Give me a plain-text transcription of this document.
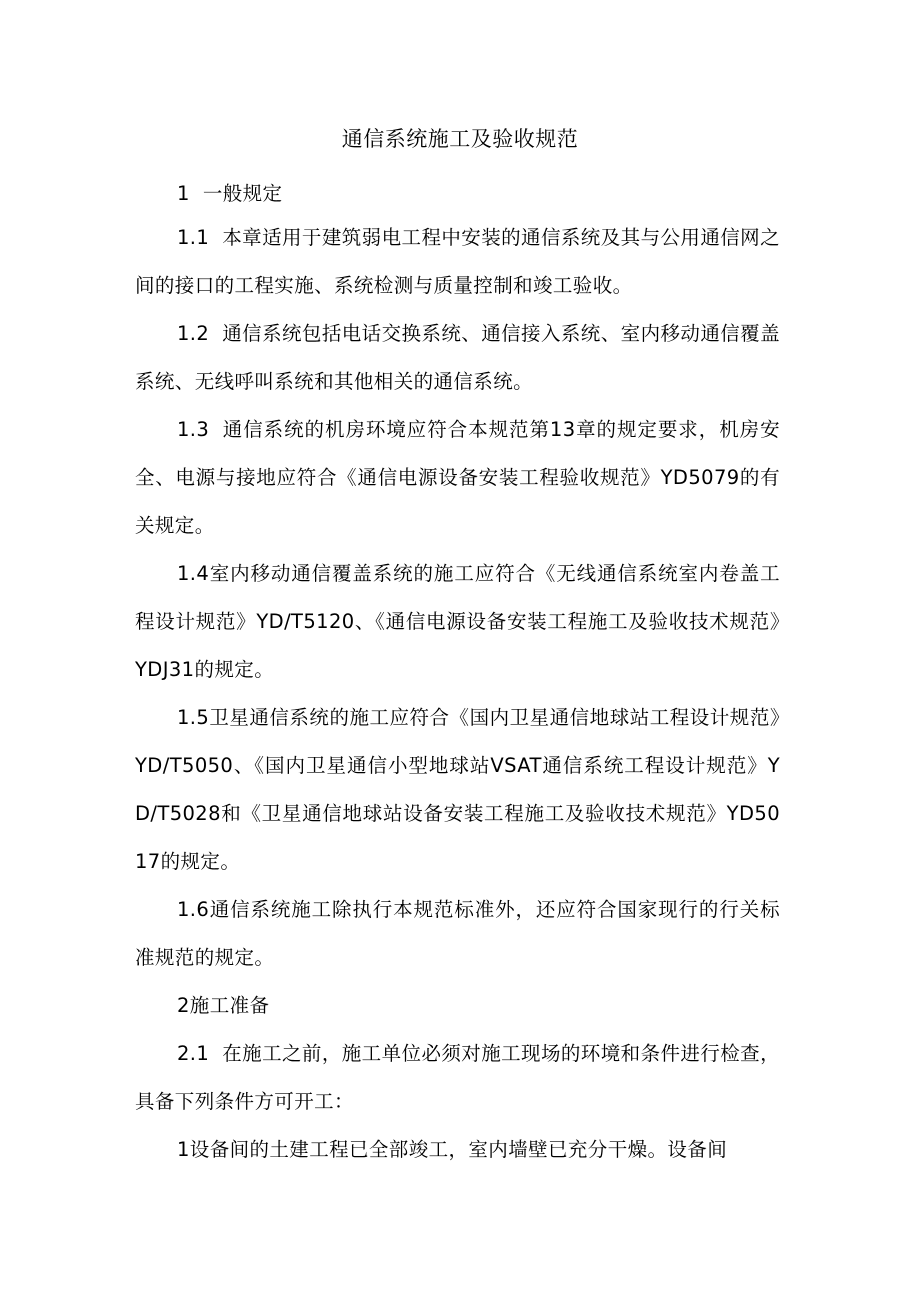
通信系统施工及验收规范

1 一般规定

1.1 本章适用于建筑弱电工程中安装的通信系统及其与公用通信网之间的接口的工程实施、系统检测与质量控制和竣工验收。

1.2 通信系统包括电话交换系统、通信接入系统、室内移动通信覆盖系统、无线呼叫系统和其他相关的通信系统。

1.3 通信系统的机房环境应符合本规范第13章的规定要求，机房安全、电源与接地应符合《通信电源设备安装工程验收规范》YD5079的有关规定。

1.4室内移动通信覆盖系统的施工应符合《无线通信系统室内卷盖工程设计规范》YD/T5120、《通信电源设备安装工程施工及验收技术规范》YDJ31的规定。

1.5卫星通信系统的施工应符合《国内卫星通信地球站工程设计规范》YD/T5050、《国内卫星通信小型地球站VSAT通信系统工程设计规范》YD/T5028和《卫星通信地球站设备安装工程施工及验收技术规范》YD5017的规定。

1.6通信系统施工除执行本规范标准外，还应符合国家现行的行关标准规范的规定。

2施工准备

2.1 在施工之前，施工单位必须对施工现场的环境和条件进行检查，具备下列条件方可开工：

1设备间的土建工程已全部竣工，室内墙壁已充分干燥。设备间
